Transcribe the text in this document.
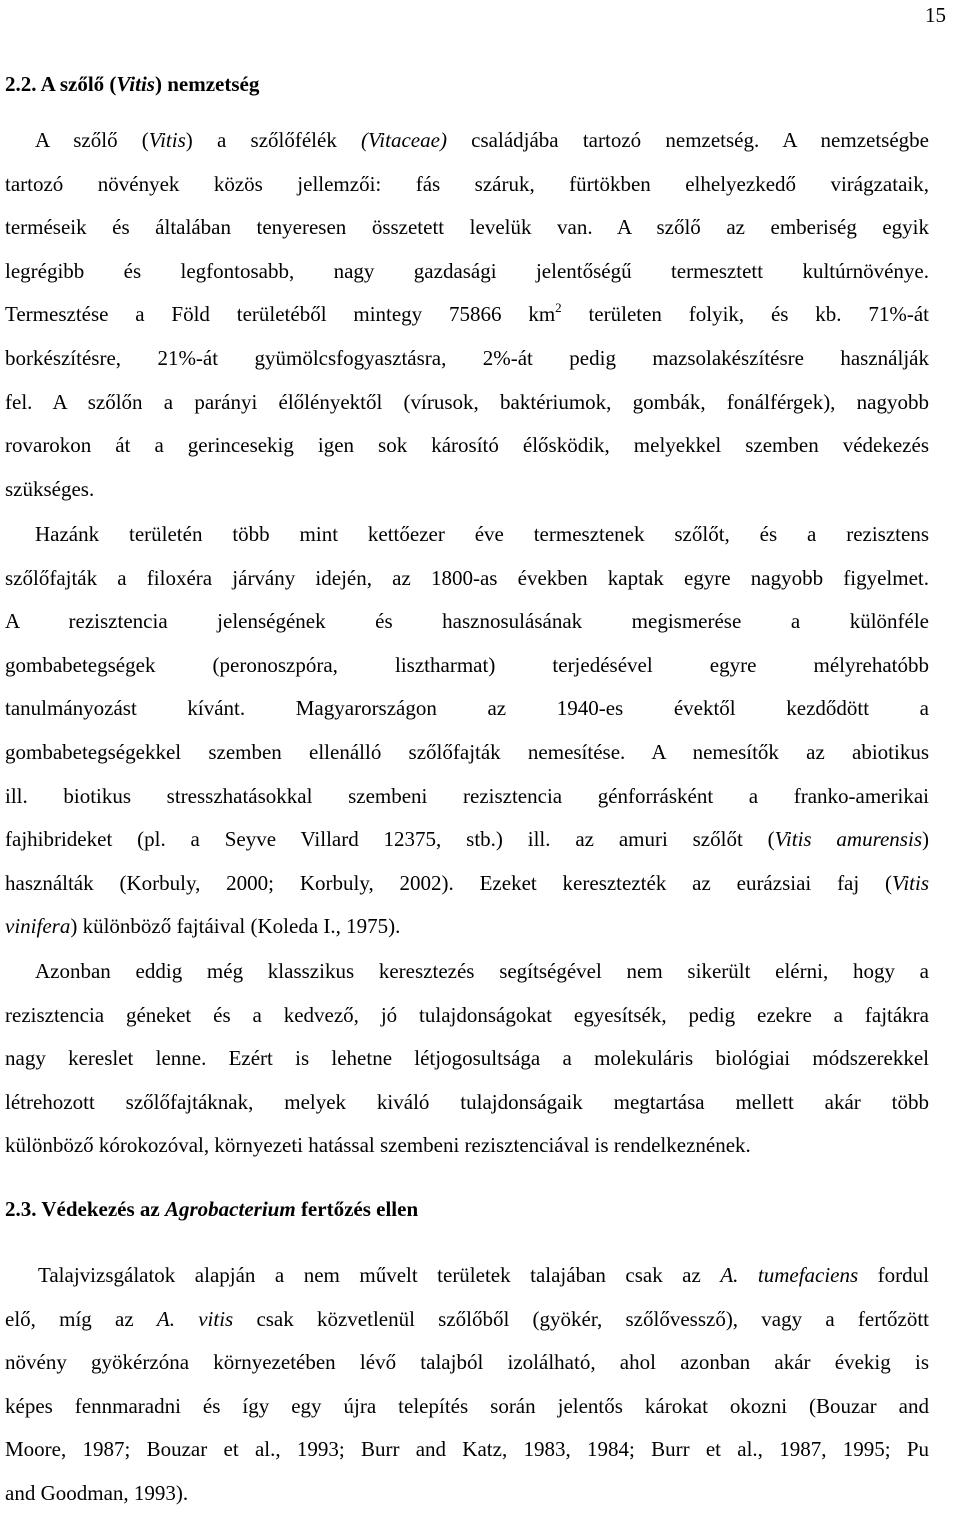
15
2.2. A szőlő (Vitis) nemzetség
A szőlő (Vitis) a szőlőfélék (Vitaceae) családjába tartozó nemzetség. A nemzetségbe
tartozó növények közös jellemzői: fás száruk, fürtökben elhelyezkedő virágzataik,
terméseik és általában tenyeresen összetett levelük van. A szőlő az emberiség egyik
legrégibb és legfontosabb, nagy gazdasági jelentőségű termesztett kultúrnövénye.
Termesztése a Föld területéből mintegy 75866 $km^2$ területen folyik, és kb. 71%-át
borkészítésre, 21%-át gyümölcsfogyasztásra, 2%-át pedig mazsolakészítésre használják
fel. A szőlőn a parányi élőlényektől (vírusok, baktériumok, gombák, fonálférgek), nagyobb
rovarokon át a gerincesekig igen sok károsító élősködik, melyekkel szemben védekezés
szükséges.
Hazánk területén több mint kettőezer éve termesztenek szőlőt, és a rezisztens
szőlőfajták a filoxéra járvány idején, az 1800-as években kaptak egyre nagyobb figyelmet.
A rezisztencia jelenségének és hasznosulásának megismerése a különféle
gombabetegségek (peronoszpóra, lisztharmat) terjedésével egyre mélyrehatóbb
tanulmányozást kívánt. Magyarországon az 1940-es évektől kezdődött a
gombabetegségekkel szemben ellenálló szőlőfajták nemesítése. A nemesítők az abiotikus
ill. biotikus stresszhatásokkal szembeni rezisztencia génforrásként a franko-amerikai
fajhibrideket (pl. a Seyve Villard 12375, stb.) ill. az amuri szőlőt (Vitis amurensis)
használták (Korbuly, 2000; Korbuly, 2002). Ezeket keresztezték az eurázsiai faj (Vitis
vinifera) különböző fajtáival (Koleda I., 1975).
Azonban eddig még klasszikus keresztezés segítségével nem sikerült elérni, hogy a
rezisztencia géneket és a kedvező, jó tulajdonságokat egyesítsék, pedig ezekre a fajtákra
nagy kereslet lenne. Ezért is lehetne létjogosultsága a molekuláris biológiai módszerekkel
létrehozott szőlőfajtáknak, melyek kiváló tulajdonságaik megtartása mellett akár több
különböző kórokozóval, környezeti hatással szembeni rezisztenciával is rendelkeznének.
2.3. Védekezés az Agrobacterium fertőzés ellen
Talajvizsgálatok alapján a nem művelt területek talajában csak az A. tumefaciens fordul
elő, míg az A. vitis csak közvetlenül szőlőből (gyökér, szőlővessző), vagy a fertőzött
növény gyökérzóna környezetében lévő talajból izolálható, ahol azonban akár évekig is
képes fennmaradni és így egy újra telepítés során jelentős károkat okozni (Bouzar and
Moore, 1987; Bouzar et al., 1993; Burr and Katz, 1983, 1984; Burr et al., 1987, 1995; Pu
and Goodman, 1993).
